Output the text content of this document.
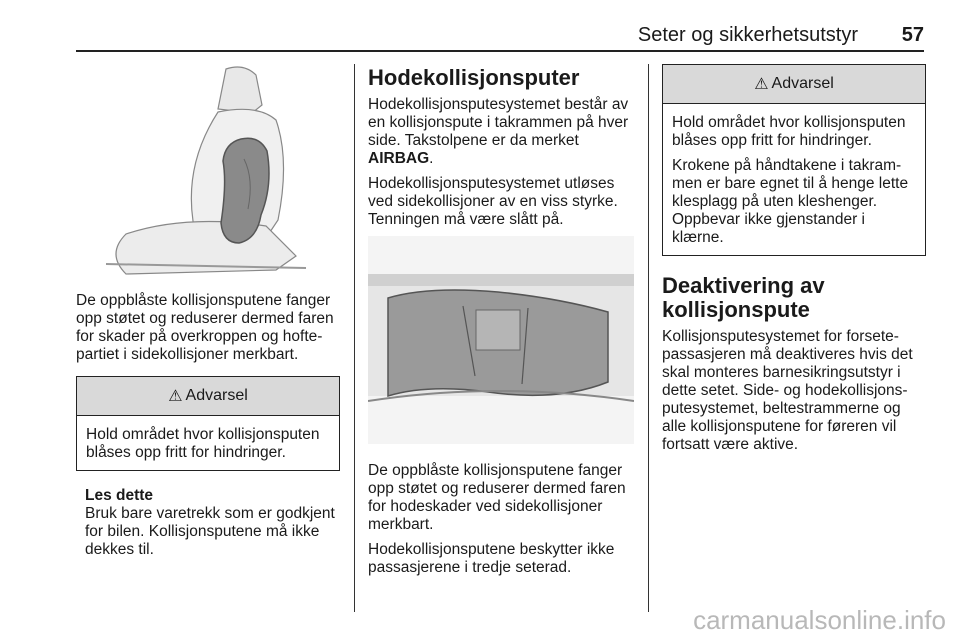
Seter og sikkerhetsutstyr 57

De oppblåste kollisjonsputene fanger opp støtet og reduserer dermed faren for skader på overkroppen og hofte-partiet i sidekollisjoner merkbart.

⚠ Advarsel

Hold området hvor kollisjonsputen blåses opp fritt for hindringer.

Les dette

Bruk bare varetrekk som er godkjent for bilen. Kollisjonsputene må ikke dekkes til.

Hodekollisjonsputer

Hodekollisjonsputesystemet består av en kollisjonspute i takrammen på hver side. Takstolpene er da merket AIRBAG.

Hodekollisjonsputesystemet utløses ved sidekollisjoner av en viss styrke. Tenningen må være slått på.

De oppblåste kollisjonsputene fanger opp støtet og reduserer dermed faren for hodeskader ved sidekollisjoner merkbart.

Hodekollisjonsputene beskytter ikke passasjerene i tredje seterad.

⚠ Advarsel

Hold området hvor kollisjonsputen blåses opp fritt for hindringer.

Krokene på håndtakene i takram-men er bare egnet til å henge lette klesplagg på uten kleshenger. Oppbevar ikke gjenstander i klærne.

Deaktivering av kollisjonspute

Kollisjonsputesystemet for forsete-passasjeren må deaktiveres hvis det skal monteres barnesikringsutstyr i dette setet. Side- og hodekollisjons-putesystemet, beltestrammerne og alle kollisjonsputene for føreren vil fortsatt være aktive.

carmanualsonline.info
